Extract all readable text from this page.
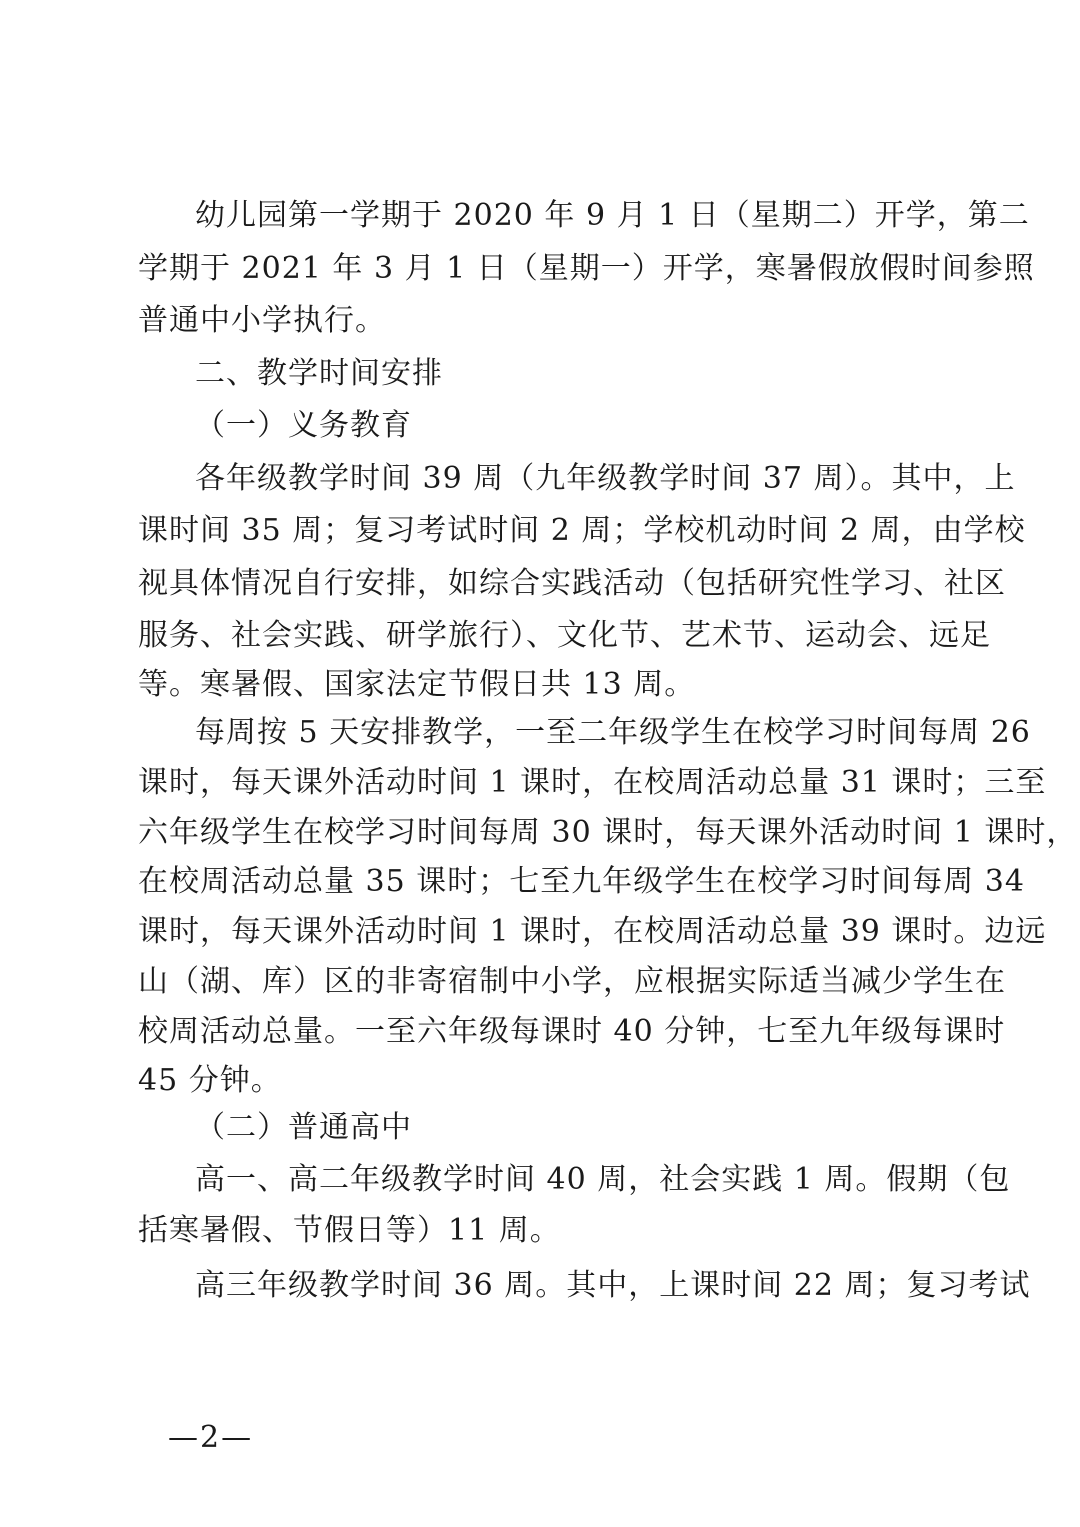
幼儿园第一学期于 2020 年 9 月 1 日（星期二）开学，第二
学期于 2021 年 3 月 1 日（星期一）开学，寒暑假放假时间参照
普通中小学执行。
二、教学时间安排
（一）义务教育
各年级教学时间 39 周（九年级教学时间 37 周）。其中，上
课时间 35 周；复习考试时间 2 周；学校机动时间 2 周，由学校
视具体情况自行安排，如综合实践活动（包括研究性学习、社区
服务、社会实践、研学旅行）、文化节、艺术节、运动会、远足
等。寒暑假、国家法定节假日共 13 周。
每周按 5 天安排教学，一至二年级学生在校学习时间每周 26
课时，每天课外活动时间 1 课时，在校周活动总量 31 课时；三至
六年级学生在校学习时间每周 30 课时，每天课外活动时间 1 课时，
在校周活动总量 35 课时；七至九年级学生在校学习时间每周 34
课时，每天课外活动时间 1 课时，在校周活动总量 39 课时。边远
山（湖、库）区的非寄宿制中小学，应根据实际适当减少学生在
校周活动总量。一至六年级每课时 40 分钟，七至九年级每课时
45 分钟。
（二）普通高中
高一、高二年级教学时间 40 周，社会实践 1 周。假期（包
括寒暑假、节假日等）11 周。
高三年级教学时间 36 周。其中，上课时间 22 周；复习考试
—2—
